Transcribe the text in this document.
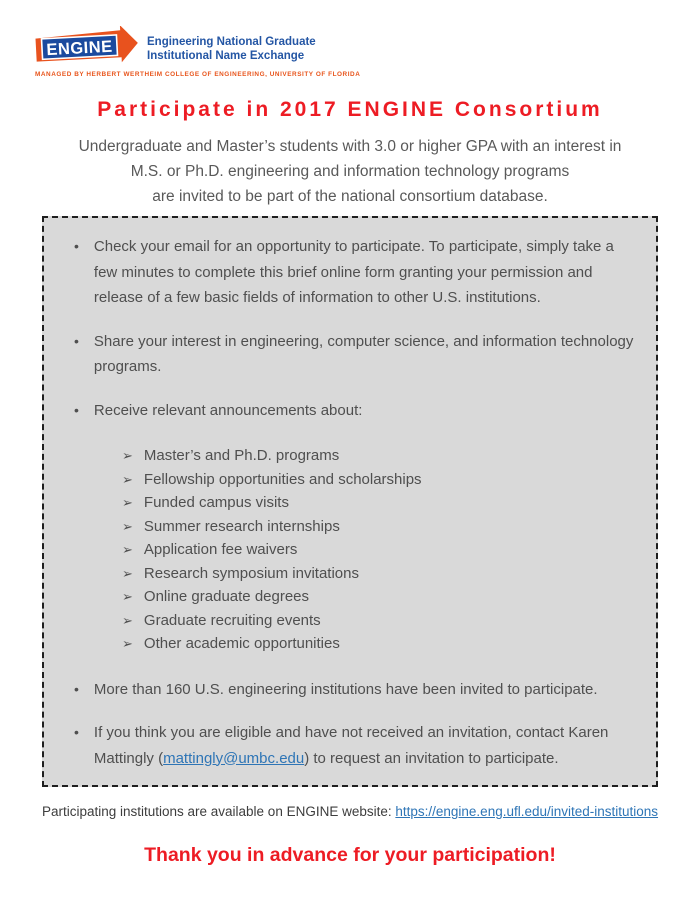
ENGINE	Engineering National Graduate
Institutional Name Exchange
MANAGED BY HERBERT WERTHEIM COLLEGE OF ENGINEERING, UNIVERSITY OF FLORIDA
Participate in 2017 ENGINE Consortium
Undergraduate and Master’s students with 3.0 or higher GPA with an interest in
M.S. or Ph.D. engineering and information technology programs
are invited to be part of the national consortium database.
• Check your email for an opportunity to participate. To participate, simply take a few minutes to complete this brief online form granting your permission and release of a few basic fields of information to other U.S. institutions.
• Share your interest in engineering, computer science, and information technology programs.
• Receive relevant announcements about:
➢ Master’s and Ph.D. programs
➢ Fellowship opportunities and scholarships
➢ Funded campus visits
➢ Summer research internships
➢ Application fee waivers
➢ Research symposium invitations
➢ Online graduate degrees
➢ Graduate recruiting events
➢ Other academic opportunities
• More than 160 U.S. engineering institutions have been invited to participate.
• If you think you are eligible and have not received an invitation, contact Karen Mattingly (mattingly@umbc.edu) to request an invitation to participate.

Participating institutions are available on ENGINE website: https://engine.eng.ufl.edu/invited-institutions

Thank you in advance for your participation!
